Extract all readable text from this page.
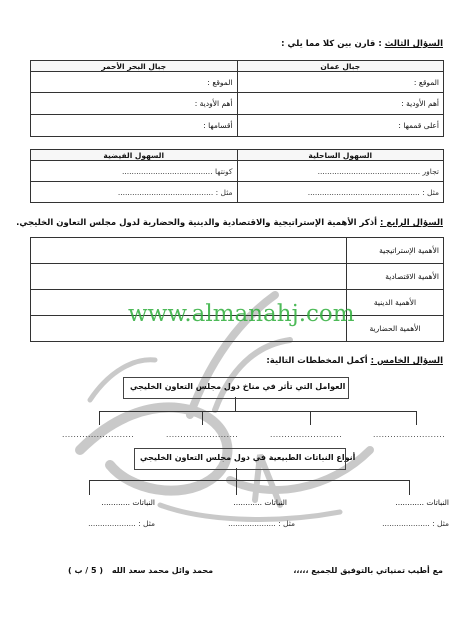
السؤال الثالث : قارن بين كلا مما يلي :
جبال عمان	جبال البحر الأحمر
الموقع :	الموقع :
أهم الأودية :	أهم الأودية :
أعلى قممها :	أقسامها :
السهول الساحلية	السهول الفيضية
تجاور ...........................................	كونتها ......................................
مثل : ...............................................	مثل : ........................................
السؤال الرابع : أذكر الأهمية الإستراتيجية والاقتصادية والدينية والحضارية لدول مجلس التعاون الخليجي.
الأهمية الإستراتيجية	
الأهمية الاقتصادية	
الأهمية الدينية	
الأهمية الحضارية	
www.almanahj.com
السؤال الخامس : أكمل المخططات التالية:
العوامل التي تأثر في مناخ دول مجلس التعاون الخليجي
.........................	.........................	.........................	.........................
أنواع النباتات الطبيعية في دول مجلس التعاون الخليجي
النباتات ............
النباتات ............
النباتات ............
مثل : ....................
مثل : ....................
مثل : ....................
مع أطيب تمنياتي بالتوفيق للجميع ،،،،،
محمد وائل محمد سعد الله ( 5 / ب )
